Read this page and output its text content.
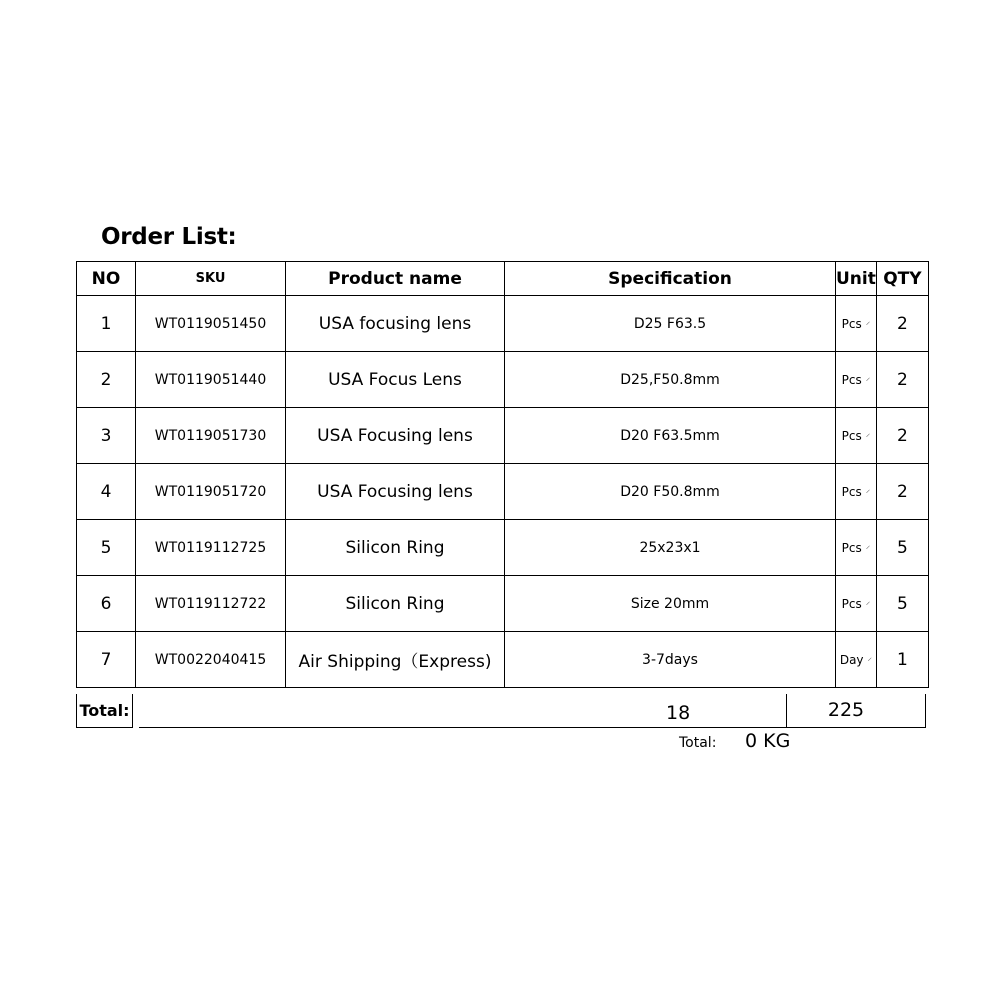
Order List:
NO	SKU	Product name	Specification	Unit	QTY
1	WT0119051450	USA focusing lens	D25 F63.5	Pcs ⸍	2
2	WT0119051440	USA Focus Lens	D25,F50.8mm	Pcs ⸍	2
3	WT0119051730	USA Focusing lens	D20 F63.5mm	Pcs ⸍	2
4	WT0119051720	USA Focusing lens	D20 F50.8mm	Pcs ⸍	2
5	WT0119112725	Silicon Ring	25x23x1	Pcs ⸍	5
6	WT0119112722	Silicon Ring	Size 20mm	Pcs ⸍	5
7	WT0022040415	Air Shipping（Express)	3-7days	Day ⸍	1
Total:	18	225
Total: 0 KG
